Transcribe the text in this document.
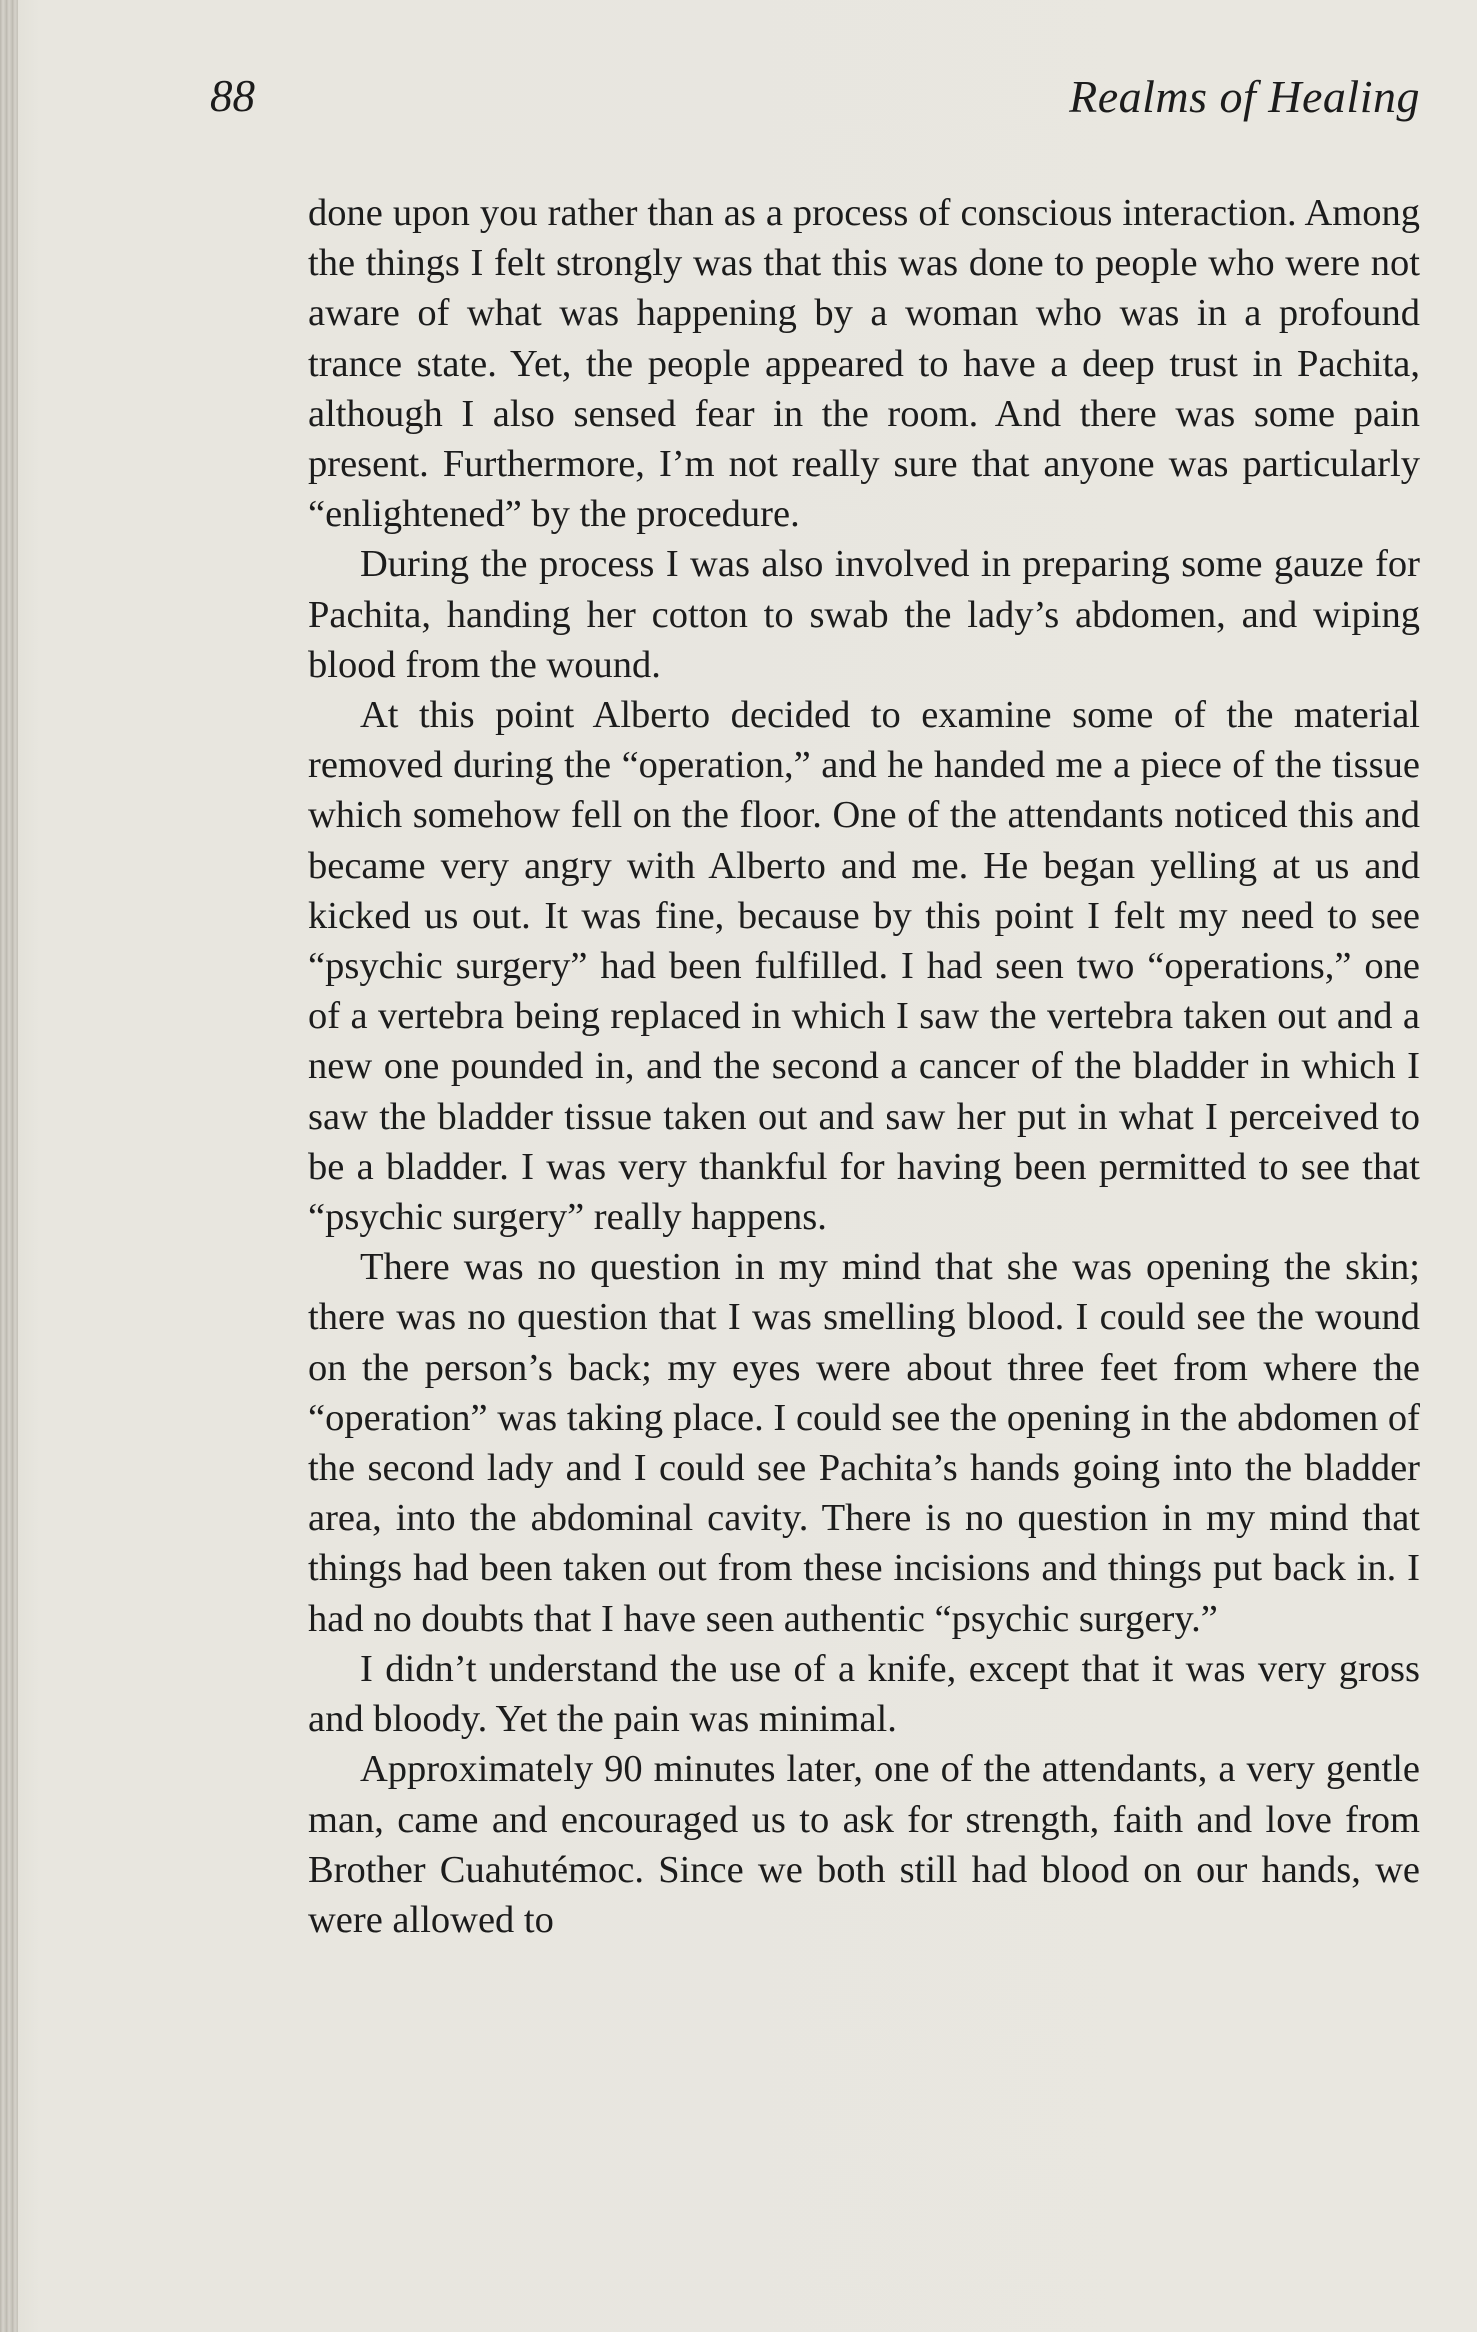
88	Realms of Healing

done upon you rather than as a process of conscious interaction. Among the things I felt strongly was that this was done to people who were not aware of what was happening by a woman who was in a profound trance state. Yet, the people appeared to have a deep trust in Pachita, although I also sensed fear in the room. And there was some pain present. Furthermore, I’m not really sure that anyone was particularly “enlightened” by the procedure.

During the process I was also involved in preparing some gauze for Pachita, handing her cotton to swab the lady’s abdomen, and wiping blood from the wound.

At this point Alberto decided to examine some of the material removed during the “operation,” and he handed me a piece of the tissue which somehow fell on the floor. One of the attendants noticed this and became very angry with Alberto and me. He began yelling at us and kicked us out. It was fine, because by this point I felt my need to see “psychic surgery” had been fulfilled. I had seen two “operations,” one of a vertebra being replaced in which I saw the vertebra taken out and a new one pounded in, and the second a cancer of the bladder in which I saw the bladder tissue taken out and saw her put in what I perceived to be a bladder. I was very thankful for having been permitted to see that “psychic surgery” really happens.

There was no question in my mind that she was opening the skin; there was no question that I was smelling blood. I could see the wound on the person’s back; my eyes were about three feet from where the “operation” was taking place. I could see the opening in the abdomen of the second lady and I could see Pachita’s hands going into the bladder area, into the abdominal cavity. There is no question in my mind that things had been taken out from these incisions and things put back in. I had no doubts that I have seen authentic “psychic surgery.”

I didn’t understand the use of a knife, except that it was very gross and bloody. Yet the pain was minimal.

Approximately 90 minutes later, one of the attendants, a very gentle man, came and encouraged us to ask for strength, faith and love from Brother Cuahutémoc. Since we both still had blood on our hands, we were allowed to
